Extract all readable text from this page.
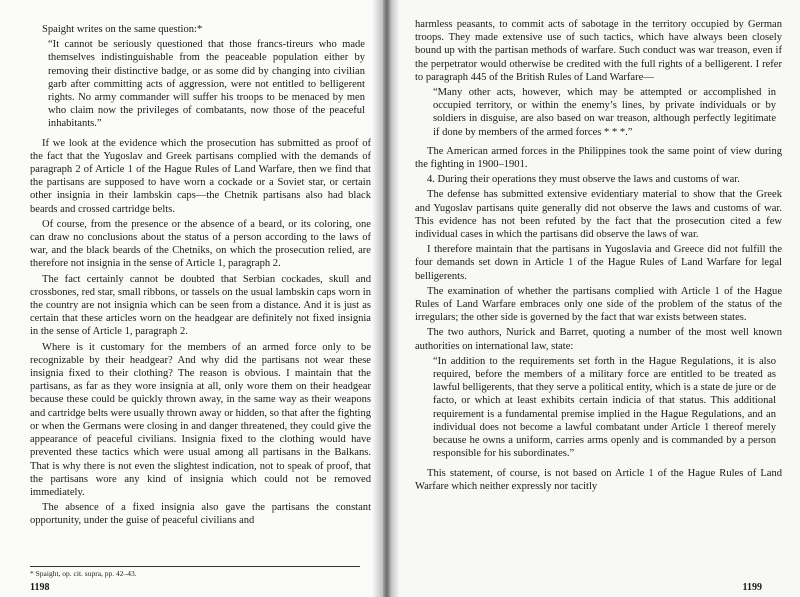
Spaight writes on the same question:*

“It cannot be seriously questioned that those francs-tireurs who made themselves indistinguishable from the peaceable population either by removing their distinctive badge, or as some did by changing into civilian garb after committing acts of aggression, were not entitled to belligerent rights. No army commander will suffer his troops to be menaced by men who claim now the privileges of combatants, now those of the peaceful inhabitants.”

If we look at the evidence which the prosecution has submitted as proof of the fact that the Yugoslav and Greek partisans complied with the demands of paragraph 2 of Article 1 of the Hague Rules of Land Warfare, then we find that the partisans are supposed to have worn a cockade or a Soviet star, or certain other insignia in their lambskin caps—the Chetnik partisans also had black beards and crossed cartridge belts.

Of course, from the presence or the absence of a beard, or its coloring, one can draw no conclusions about the status of a person according to the laws of war, and the black beards of the Chetniks, on which the prosecution relied, are therefore not insignia in the sense of Article 1, paragraph 2.

The fact certainly cannot be doubted that Serbian cockades, skull and crossbones, red star, small ribbons, or tassels on the usual lambskin caps worn in the country are not insignia which can be seen from a distance. And it is just as certain that these articles worn on the headgear are definitely not fixed insignia in the sense of Article 1, paragraph 2.

Where is it customary for the members of an armed force only to be recognizable by their headgear? And why did the partisans not wear these insignia fixed to their clothing? The reason is obvious. I maintain that the partisans, as far as they wore insignia at all, only wore them on their headgear because these could be quickly thrown away, in the same way as their weapons and cartridge belts were usually thrown away or hidden, so that after the fighting or when the Germans were closing in and danger threatened, they could give the appearance of peaceful civilians. Insignia fixed to the clothing would have prevented these tactics which were usual among all partisans in the Balkans. That is why there is not even the slightest indication, not to speak of proof, that the partisans wore any kind of insignia which could not be removed immediately.

The absence of a fixed insignia also gave the partisans the constant opportunity, under the guise of peaceful civilians and

* Spaight, op. cit. supra, pp. 42–43.
1198

harmless peasants, to commit acts of sabotage in the territory occupied by German troops. They made extensive use of such tactics, which have always been closely bound up with the partisan methods of warfare. Such conduct was war treason, even if the perpetrator would otherwise be credited with the full rights of a belligerent. I refer to paragraph 445 of the British Rules of Land Warfare—

“Many other acts, however, which may be attempted or accomplished in occupied territory, or within the enemy’s lines, by private individuals or by soldiers in disguise, are also based on war treason, although perfectly legitimate if done by members of the armed forces * * *.”

The American armed forces in the Philippines took the same point of view during the fighting in 1900–1901.

4. During their operations they must observe the laws and customs of war.

The defense has submitted extensive evidentiary material to show that the Greek and Yugoslav partisans quite generally did not observe the laws and customs of war. This evidence has not been refuted by the fact that the prosecution cited a few individual cases in which the partisans did observe the laws of war.

I therefore maintain that the partisans in Yugoslavia and Greece did not fulfill the four demands set down in Article 1 of the Hague Rules of Land Warfare for legal belligerents.

The examination of whether the partisans complied with Article 1 of the Hague Rules of Land Warfare embraces only one side of the problem of the status of the irregulars; the other side is governed by the fact that war exists between states.

The two authors, Nurick and Barret, quoting a number of the most well known authorities on international law, state:

“In addition to the requirements set forth in the Hague Regulations, it is also required, before the members of a military force are entitled to be treated as lawful belligerents, that they serve a political entity, which is a state de jure or de facto, or which at least exhibits certain indicia of that status. This additional requirement is a fundamental premise implied in the Hague Regulations, and an individual does not become a lawful combatant under Article 1 thereof merely because he owns a uniform, carries arms openly and is commanded by a person responsible for his subordinates.”

This statement, of course, is not based on Article 1 of the Hague Rules of Land Warfare which neither expressly nor tacitly

1199
